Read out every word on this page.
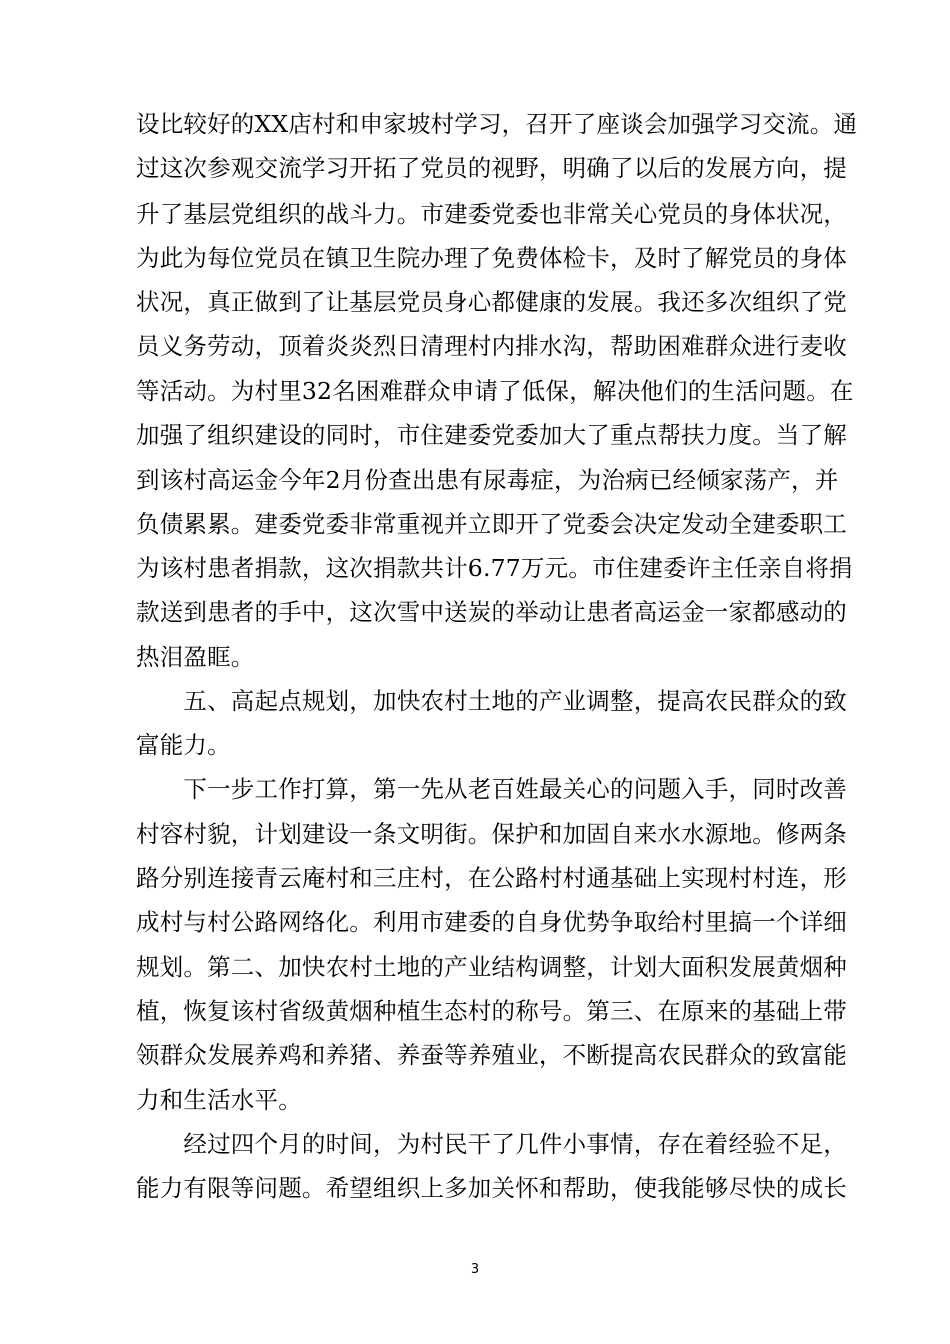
设比较好的XX店村和申家坡村学习，召开了座谈会加强学习交流。通
过这次参观交流学习开拓了党员的视野，明确了以后的发展方向，提
升了基层党组织的战斗力。市建委党委也非常关心党员的身体状况，
为此为每位党员在镇卫生院办理了免费体检卡，及时了解党员的身体
状况，真正做到了让基层党员身心都健康的发展。我还多次组织了党
员义务劳动，顶着炎炎烈日清理村内排水沟，帮助困难群众进行麦收
等活动。为村里32名困难群众申请了低保，解决他们的生活问题。在
加强了组织建设的同时，市住建委党委加大了重点帮扶力度。当了解
到该村高运金今年2月份查出患有尿毒症，为治病已经倾家荡产，并
负债累累。建委党委非常重视并立即开了党委会决定发动全建委职工
为该村患者捐款，这次捐款共计6.77万元。市住建委许主任亲自将捐
款送到患者的手中，这次雪中送炭的举动让患者高运金一家都感动的
热泪盈眶。
　　五、高起点规划，加快农村土地的产业调整，提高农民群众的致
富能力。
　　下一步工作打算，第一先从老百姓最关心的问题入手，同时改善
村容村貌，计划建设一条文明街。保护和加固自来水水源地。修两条
路分别连接青云庵村和三庄村，在公路村村通基础上实现村村连，形
成村与村公路网络化。利用市建委的自身优势争取给村里搞一个详细
规划。第二、加快农村土地的产业结构调整，计划大面积发展黄烟种
植，恢复该村省级黄烟种植生态村的称号。第三、在原来的基础上带
领群众发展养鸡和养猪、养蚕等养殖业，不断提高农民群众的致富能
力和生活水平。
　　经过四个月的时间，为村民干了几件小事情，存在着经验不足，
能力有限等问题。希望组织上多加关怀和帮助，使我能够尽快的成长
3
